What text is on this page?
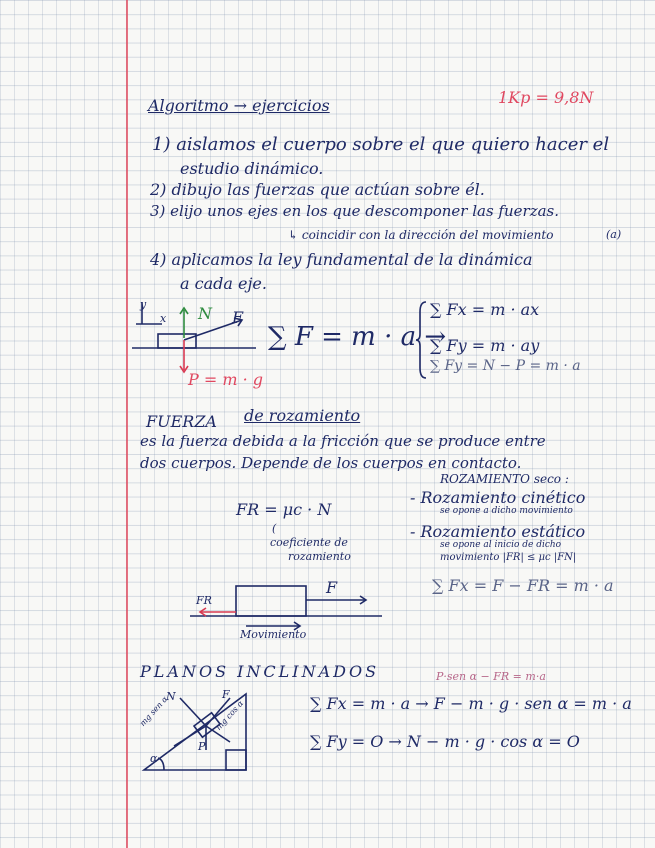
Algoritmo → ejercicios	1Kp = 9,8N
1) aislamos el cuerpo sobre el que quiero hacer el
estudio dinámico.
2) dibujo las fuerzas que actúan sobre él.
3) elijo unos ejes en los que descomponer las fuerzas.
↳ coincidir con la dirección del movimiento	(a)
4) aplicamos la ley fundamental de la dinámica
a cada eje.
y
x N F
P = m · g
∑ F = m · a →
∑ Fx = m · ax
∑ Fy = m · ay
∑ Fy = N − P = m · a
FUERZA de rozamiento
es la fuerza debida a la fricción que se produce entre
dos cuerpos. Depende de los cuerpos en contacto.
ROZAMIENTO seco :
- Rozamiento cinético
se opone a dicho movimiento
- Rozamiento estático
se opone al inicio de dicho
movimiento |FR| ≤ μc |FN|
FR = μc · N
(
coeficiente de
rozamiento
∑ Fx = F − FR = m · a
F
FR
Movimiento
PLANOS INCLINADOS	P·sen α − FR = m·a
N	F
P
α
mg sen α	mg cos α	∑ Fx = m · a → F − m · g · sen α = m · a
∑ Fy = O → N − m · g · cos α = O
